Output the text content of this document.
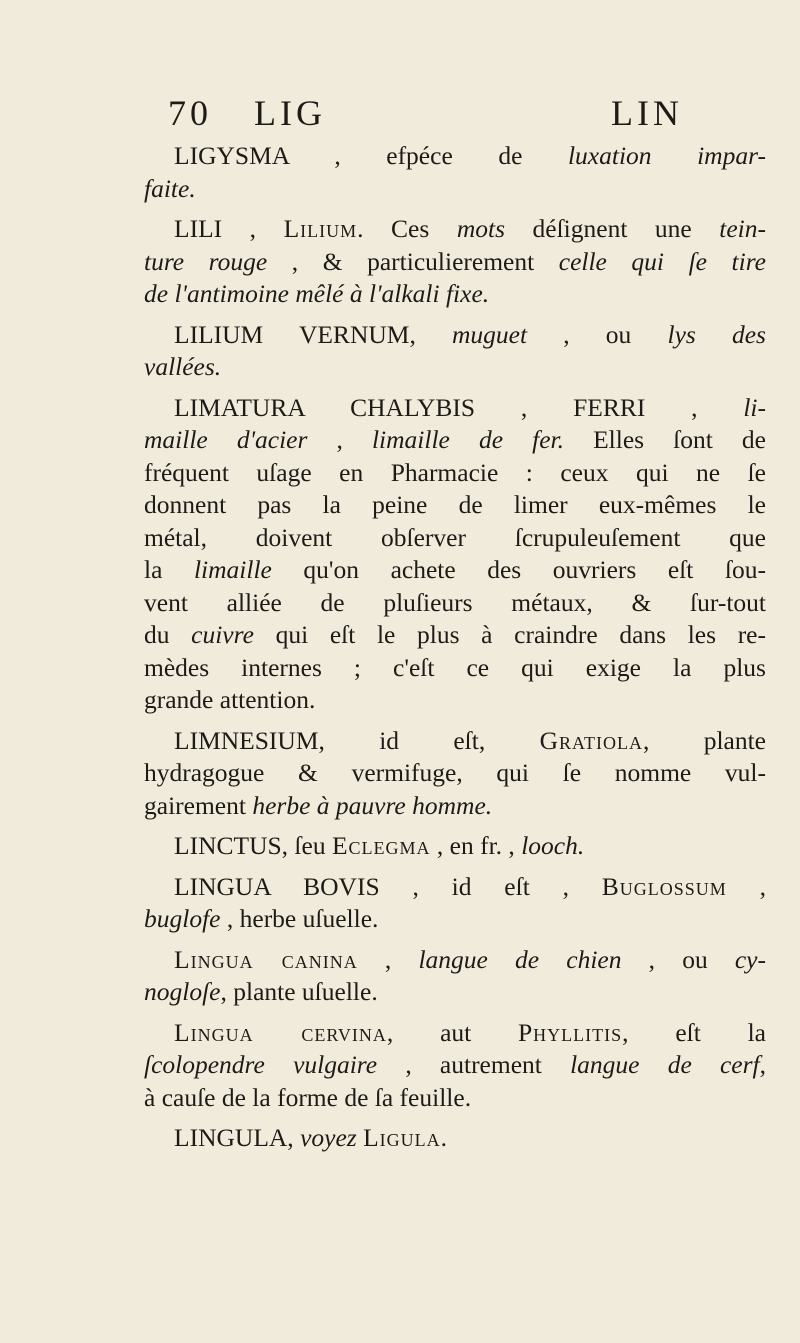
70 LIG	LIN
LIGYSMA , efpéce de luxation impar-
faite.
LILI , Lilium. Ces mots déſignent une tein-
ture rouge , & particulierement celle qui ſe tire
de l'antimoine mêlé à l'alkali fixe.
LILIUM VERNUM, muguet , ou lys des
vallées.
LIMATURA CHALYBIS , FERRI , li-
maille d'acier , limaille de fer. Elles ſont de
fréquent uſage en Pharmacie : ceux qui ne ſe
donnent pas la peine de limer eux-mêmes le
métal, doivent obſerver ſcrupuleuſement que
la limaille qu'on achete des ouvriers eſt ſou-
vent alliée de pluſieurs métaux, & ſur-tout
du cuivre qui eſt le plus à craindre dans les re-
mèdes internes ; c'eſt ce qui exige la plus
grande attention.
LIMNESIUM, id eſt, Gratiola, plante
hydragogue & vermifuge, qui ſe nomme vul-
gairement herbe à pauvre homme.
LINCTUS, ſeu Eclegma , en fr. , looch.
LINGUA BOVIS , id eſt , Buglossum ,
buglofe , herbe uſuelle.
Lingua canina , langue de chien , ou cy-
nogloſe, plante uſuelle.
Lingua cervina, aut Phyllitis, eſt la
ſcolopendre vulgaire , autrement langue de cerf,
à cauſe de la forme de ſa feuille.
LINGULA, voyez Ligula.
